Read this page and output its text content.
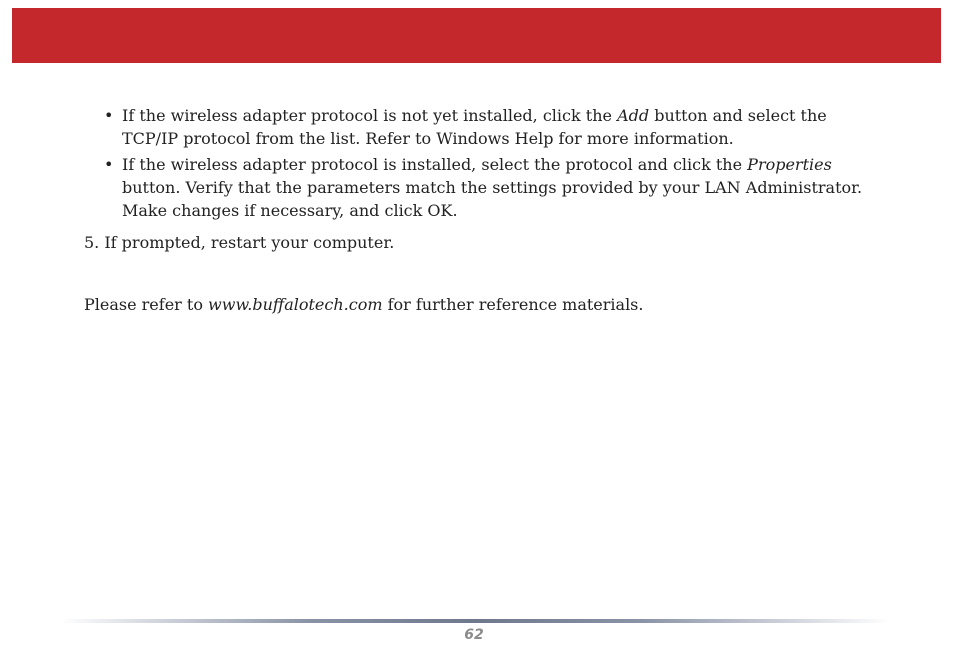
• If the wireless adapter protocol is not yet installed, click the Add button and select the TCP/IP protocol from the list. Refer to Windows Help for more information.
• If the wireless adapter protocol is installed, select the protocol and click the Properties button. Verify that the parameters match the settings provided by your LAN Administrator. Make changes if necessary, and click OK.
5. If prompted, restart your computer.
Please refer to www.buffalotech.com for further reference materials.
62
